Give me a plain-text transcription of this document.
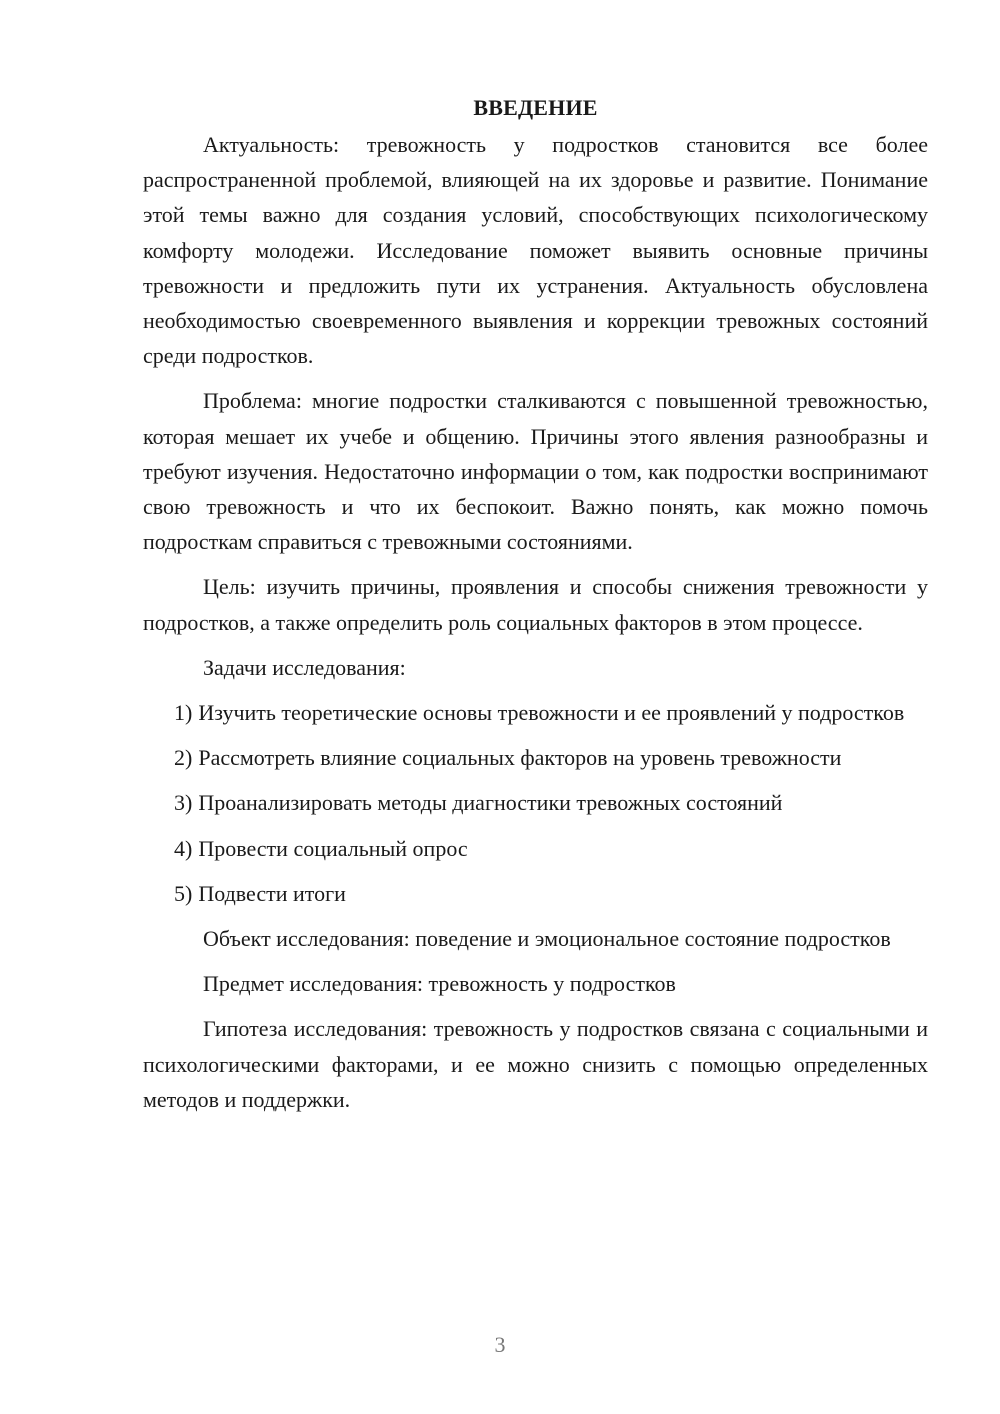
ВВЕДЕНИЕ

Актуальность: тревожность у подростков становится все более распространенной проблемой, влияющей на их здоровье и развитие. Понимание этой темы важно для создания условий, способствующих психологическому комфорту молодежи. Исследование поможет выявить основные причины тревожности и предложить пути их устранения. Актуальность обусловлена необходимостью своевременного выявления и коррекции тревожных состояний среди подростков.

Проблема: многие подростки сталкиваются с повышенной тревожностью, которая мешает их учебе и общению. Причины этого явления разнообразны и требуют изучения. Недостаточно информации о том, как подростки воспринимают свою тревожность и что их беспокоит. Важно понять, как можно помочь подросткам справиться с тревожными состояниями.

Цель: изучить причины, проявления и способы снижения тревожности у подростков, а также определить роль социальных факторов в этом процессе.

Задачи исследования:

1) Изучить теоретические основы тревожности и ее проявлений у подростков

2) Рассмотреть влияние социальных факторов на уровень тревожности

3) Проанализировать методы диагностики тревожных состояний

4) Провести социальный опрос

5) Подвести итоги

Объект исследования: поведение и эмоциональное состояние подростков

Предмет исследования: тревожность у подростков

Гипотеза исследования: тревожность у подростков связана с социальными и психологическими факторами, и ее можно снизить с помощью определенных методов и поддержки.

3
